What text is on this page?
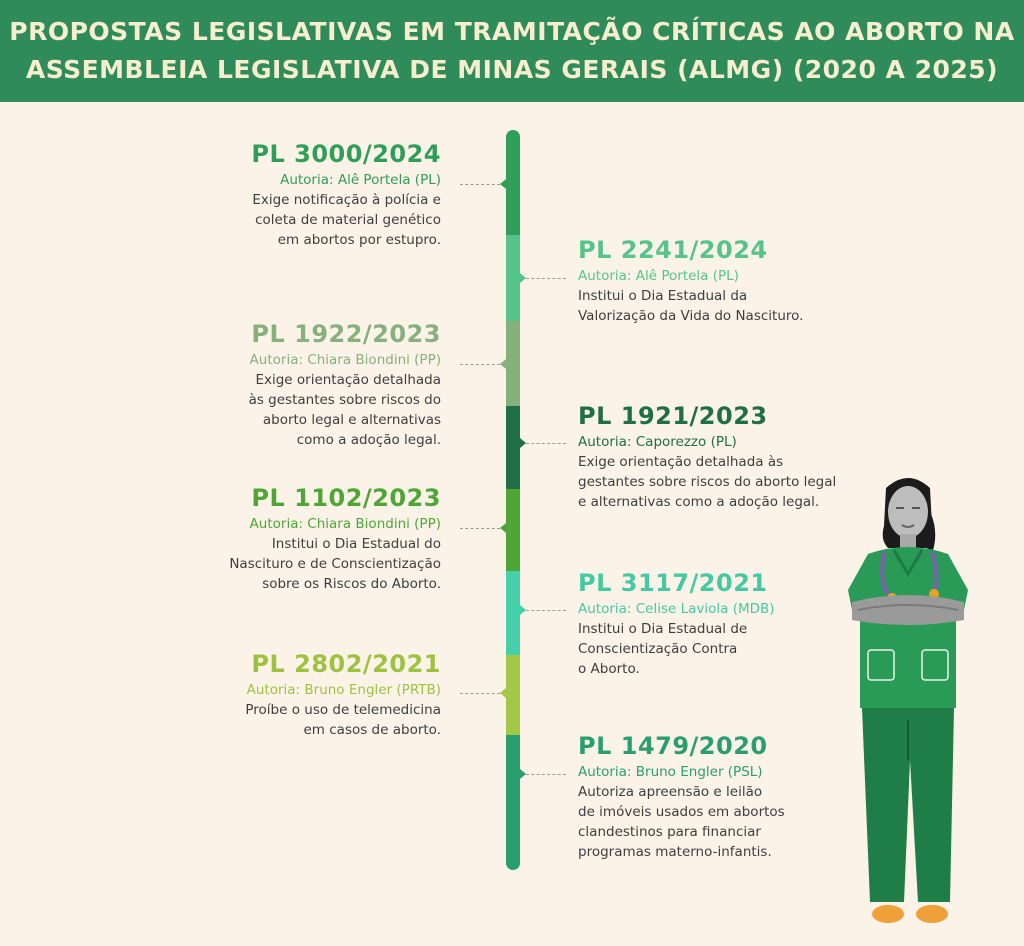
PROPOSTAS LEGISLATIVAS EM TRAMITAÇÃO CRÍTICAS AO ABORTO NA
ASSEMBLEIA LEGISLATIVA DE MINAS GERAIS (ALMG) (2020 A 2025)
PL 3000/2024
Autoria: Alê Portela (PL)
Exige notificação à polícia e
coleta de material genético
em abortos por estupro.	PL 2241/2024
Autoria: Alê Portela (PL)
Institui o Dia Estadual da
Valorização da Vida do Nascituro.
PL 1922/2023
Autoria: Chiara Biondini (PP)
Exige orientação detalhada
às gestantes sobre riscos do
aborto legal e alternativas
como a adoção legal.
PL 1921/2023
Autoria: Caporezzo (PL)
Exige orientação detalhada às
gestantes sobre riscos do aborto legal
e alternativas como a adoção legal.
PL 1102/2023
Autoria: Chiara Biondini (PP)
Institui o Dia Estadual do
Nascituro e de Conscientização
sobre os Riscos do Aborto.	PL 3117/2021
Autoria: Celise Laviola (MDB)
Institui o Dia Estadual de
Conscientização Contra
o Aborto.
PL 2802/2021
Autoria: Bruno Engler (PRTB)
Proíbe o uso de telemedicina
em casos de aborto.
PL 1479/2020
Autoria: Bruno Engler (PSL)
Autoriza apreensão e leilão
de imóveis usados em abortos
clandestinos para financiar
programas materno-infantis.
